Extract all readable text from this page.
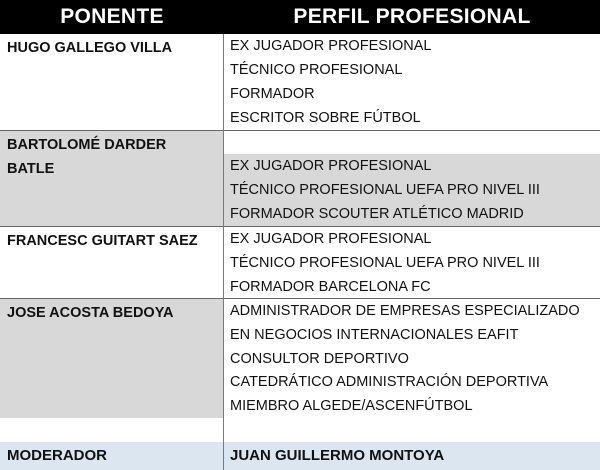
PONENTE	PERFIL PROFESIONAL
HUGO GALLEGO VILLA
BARTOLOMÉ DARDER BATLE
FRANCESC GUITART SAEZ
JOSE ACOSTA BEDOYA
MODERADOR
EX JUGADOR PROFESIONAL
TÉCNICO PROFESIONAL
FORMADOR
ESCRITOR SOBRE FÚTBOL
EX JUGADOR PROFESIONAL
TÉCNICO PROFESIONAL UEFA PRO NIVEL III
FORMADOR SCOUTER ATLÉTICO MADRID
EX JUGADOR PROFESIONAL
TÉCNICO PROFESIONAL UEFA PRO NIVEL III
FORMADOR BARCELONA FC
ADMINISTRADOR DE EMPRESAS ESPECIALIZADO
EN NEGOCIOS INTERNACIONALES EAFIT
CONSULTOR DEPORTIVO
CATEDRÁTICO ADMINISTRACIÓN DEPORTIVA
MIEMBRO ALGEDE/ASCENFÚTBOL
JUAN GUILLERMO MONTOYA
